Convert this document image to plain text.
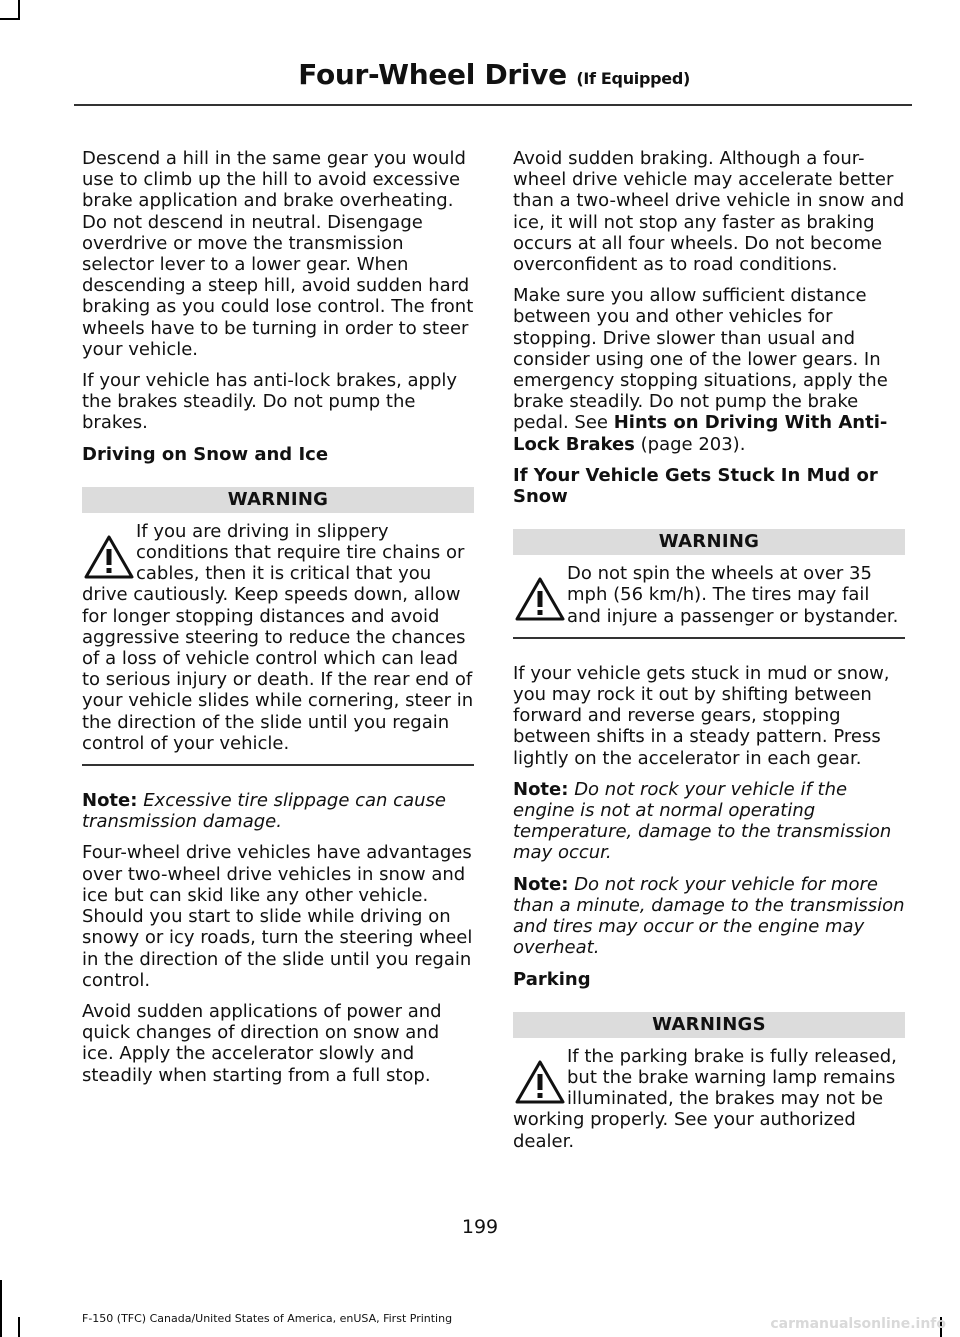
Four-Wheel Drive (If Equipped)

Descend a hill in the same gear you would use to climb up the hill to avoid excessive brake application and brake overheating. Do not descend in neutral. Disengage overdrive or move the transmission selector lever to a lower gear. When descending a steep hill, avoid sudden hard braking as you could lose control. The front wheels have to be turning in order to steer your vehicle.

If your vehicle has anti-lock brakes, apply the brakes steadily. Do not pump the brakes.

Driving on Snow and Ice
WARNING
If you are driving in slippery conditions that require tire chains or cables, then it is critical that you drive cautiously. Keep speeds down, allow for longer stopping distances and avoid aggressive steering to reduce the chances of a loss of vehicle control which can lead to serious injury or death. If the rear end of your vehicle slides while cornering, steer in the direction of the slide until you regain control of your vehicle.

Note: Excessive tire slippage can cause transmission damage.

Four-wheel drive vehicles have advantages over two-wheel drive vehicles in snow and ice but can skid like any other vehicle. Should you start to slide while driving on snowy or icy roads, turn the steering wheel in the direction of the slide until you regain control.

Avoid sudden applications of power and quick changes of direction on snow and ice. Apply the accelerator slowly and steadily when starting from a full stop.

Avoid sudden braking. Although a four-wheel drive vehicle may accelerate better than a two-wheel drive vehicle in snow and ice, it will not stop any faster as braking occurs at all four wheels. Do not become overconfident as to road conditions.

Make sure you allow sufficient distance between you and other vehicles for stopping. Drive slower than usual and consider using one of the lower gears. In emergency stopping situations, apply the brake steadily. Do not pump the brake pedal. See Hints on Driving With Anti-Lock Brakes (page 203).

If Your Vehicle Gets Stuck In Mud or Snow
WARNING
Do not spin the wheels at over 35 mph (56 km/h). The tires may fail and injure a passenger or bystander.

If your vehicle gets stuck in mud or snow, you may rock it out by shifting between forward and reverse gears, stopping between shifts in a steady pattern. Press lightly on the accelerator in each gear.

Note: Do not rock your vehicle if the engine is not at normal operating temperature, damage to the transmission may occur.

Note: Do not rock your vehicle for more than a minute, damage to the transmission and tires may occur or the engine may overheat.

Parking
WARNINGS
If the parking brake is fully released, but the brake warning lamp remains illuminated, the brakes may not be working properly. See your authorized dealer.
199
F-150 (TFC) Canada/United States of America, enUSA, First Printing	carmanualsonline.info
